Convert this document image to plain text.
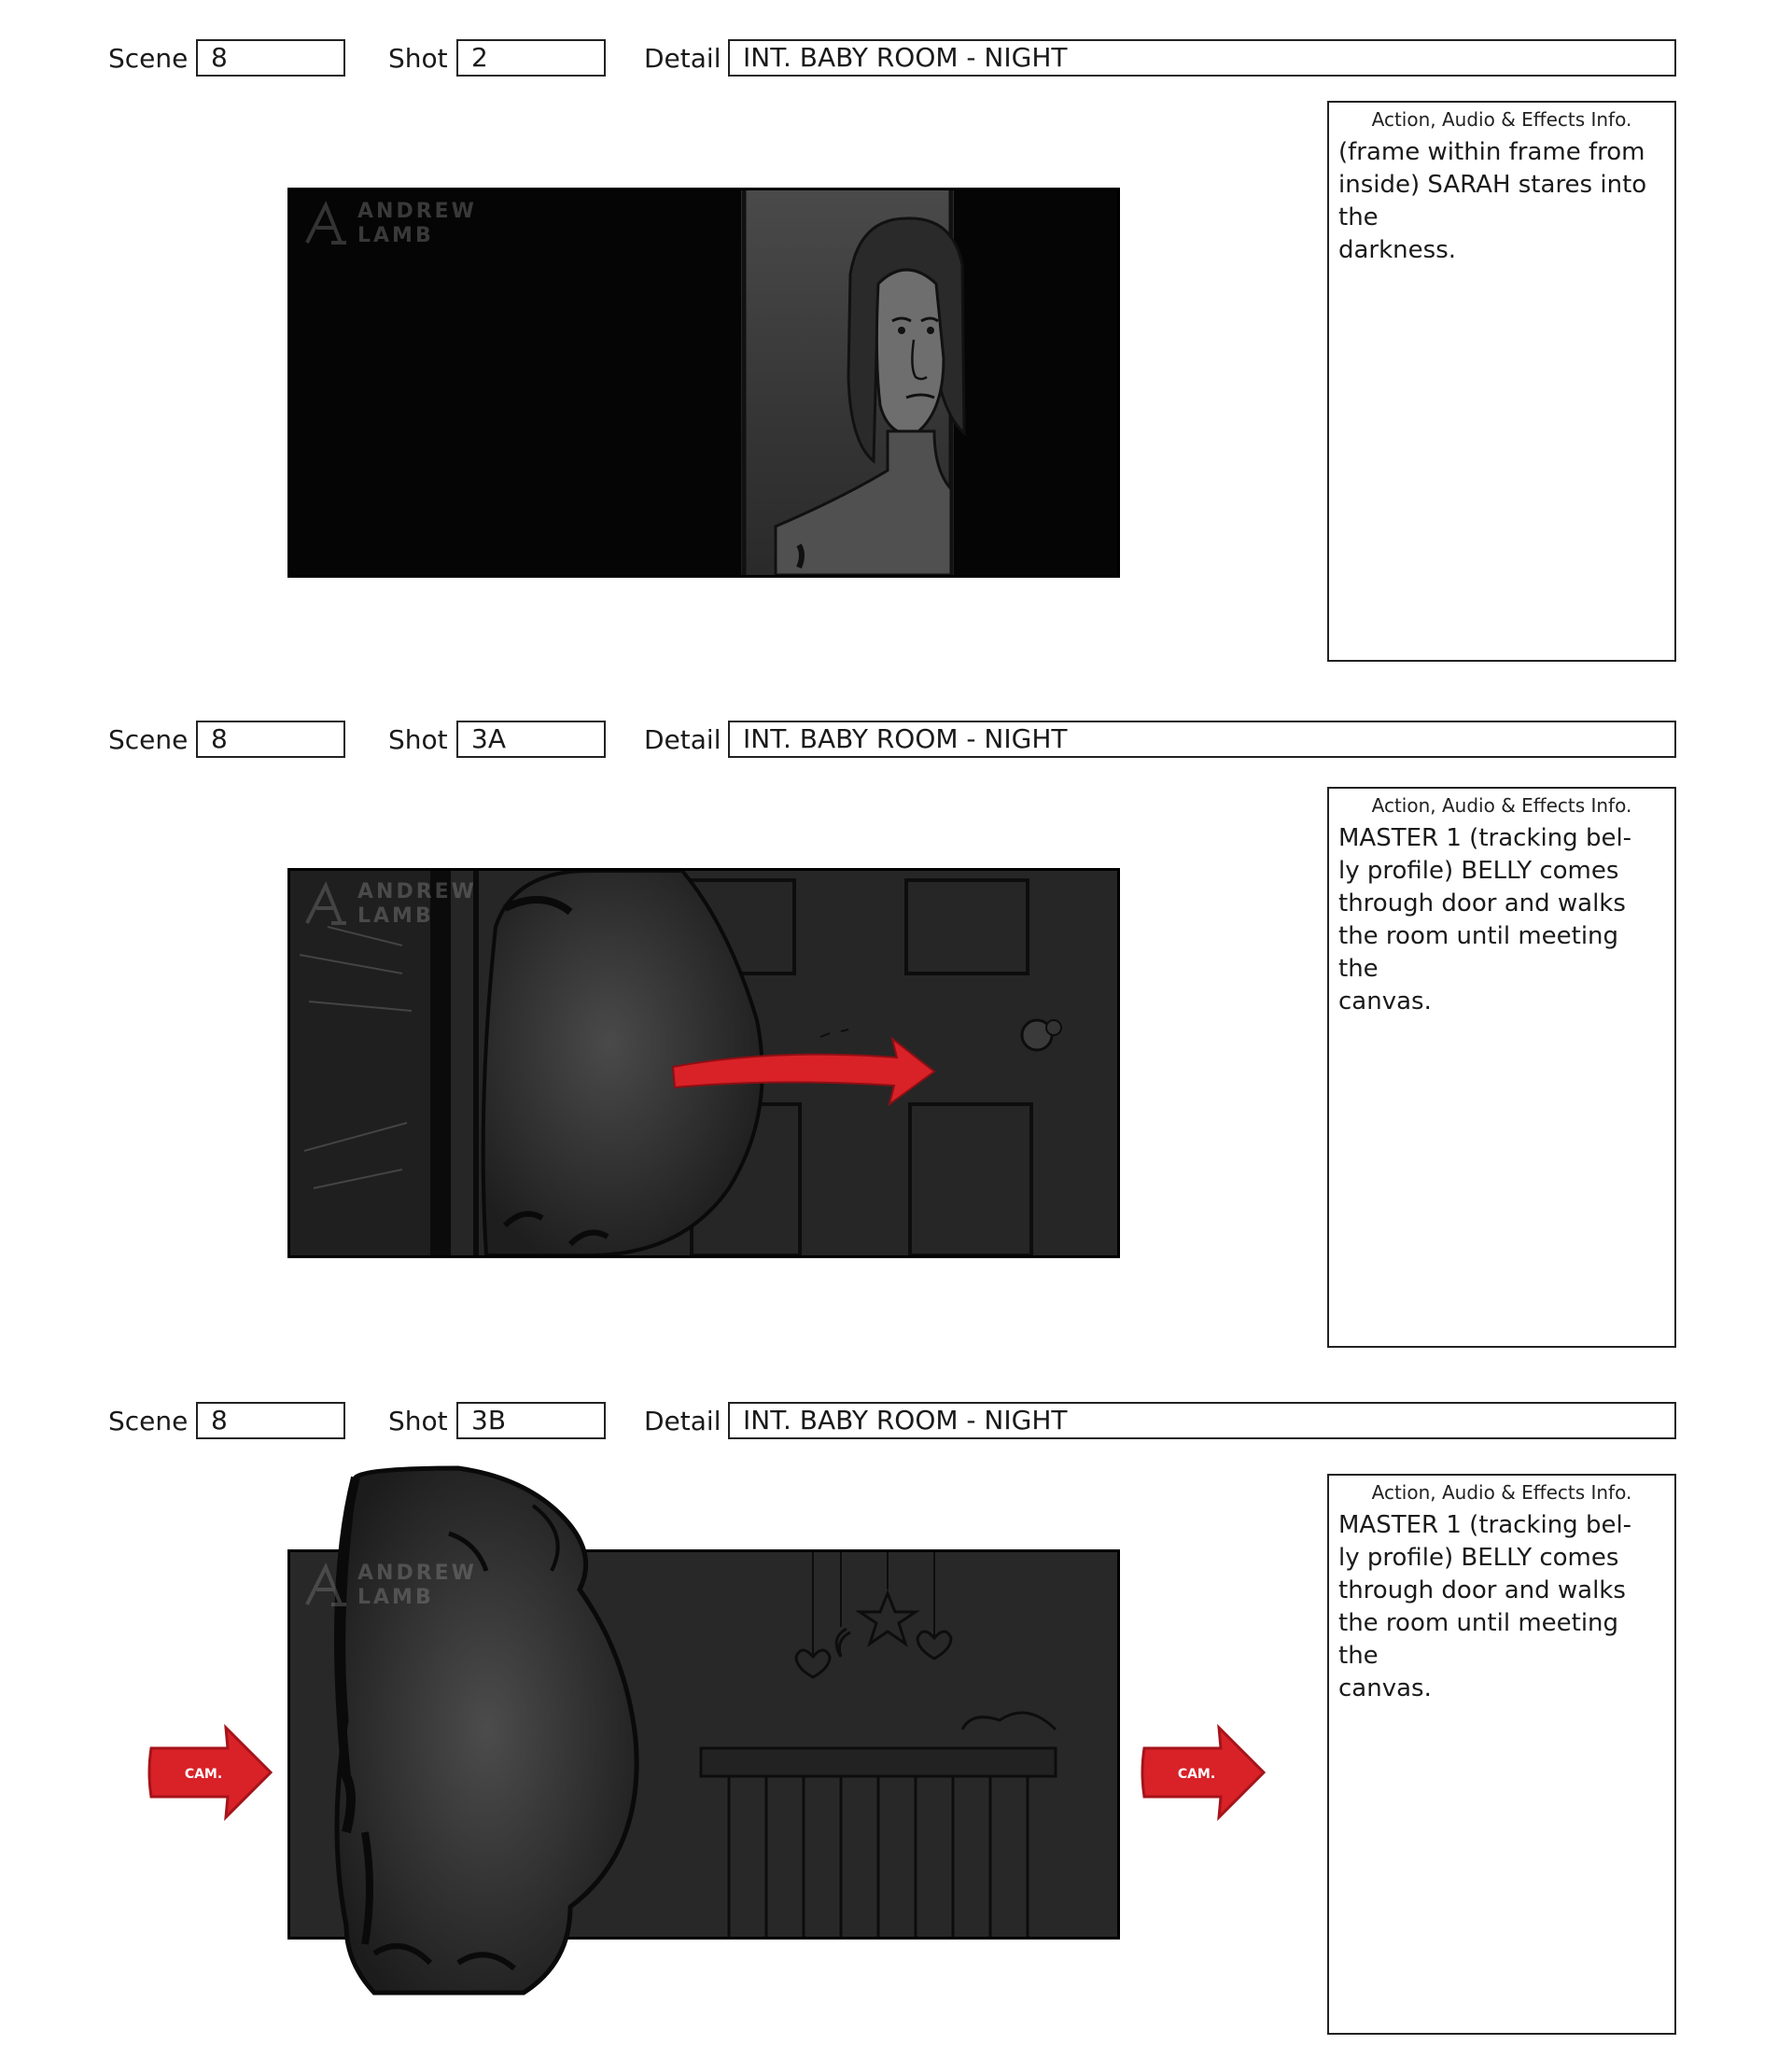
Scene 8	Shot 2	Detail INT. BABY ROOM - NIGHT
ANDREW
LAMB
Action, Audio & Effects Info.
(frame within frame from
inside) SARAH stares into the
darkness.
Scene 8	Shot 3A	Detail INT. BABY ROOM - NIGHT
ANDREW
LAMB
Action, Audio & Effects Info.
MASTER 1 (tracking bel-
ly profile) BELLY comes
through door and walks
the room until meeting the
canvas.
Scene 8	Shot 3B	Detail INT. BABY ROOM - NIGHT
CAM.
ANDREW
LAMB
CAM.
Action, Audio & Effects Info.
MASTER 1 (tracking bel-
ly profile) BELLY comes
through door and walks
the room until meeting the
canvas.
